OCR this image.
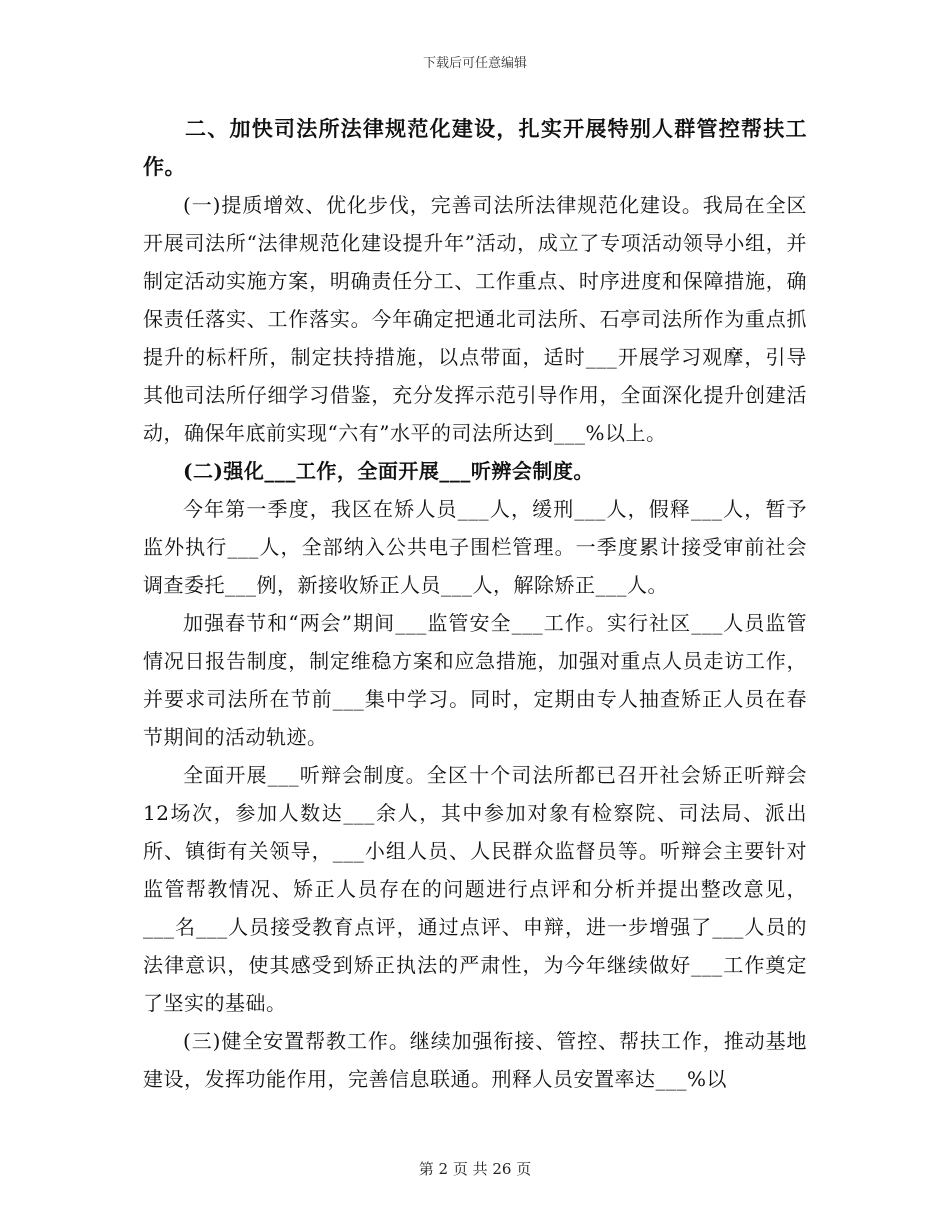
下载后可任意编辑

二、加快司法所法律规范化建设，扎实开展特别人群管控帮扶工作。

(一)提质增效、优化步伐，完善司法所法律规范化建设。我局在全区开展司法所“法律规范化建设提升年”活动，成立了专项活动领导小组，并制定活动实施方案，明确责任分工、工作重点、时序进度和保障措施，确保责任落实、工作落实。今年确定把通北司法所、石亭司法所作为重点抓提升的标杆所，制定扶持措施，以点带面，适时___开展学习观摩，引导其他司法所仔细学习借鉴，充分发挥示范引导作用，全面深化提升创建活动，确保年底前实现“六有”水平的司法所达到___%以上。

(二)强化___工作，全面开展___听辨会制度。

今年第一季度，我区在矫人员___人，缓刑___人，假释___人，暂予监外执行___人，全部纳入公共电子围栏管理。一季度累计接受审前社会调查委托___例，新接收矫正人员___人，解除矫正___人。

加强春节和“两会”期间___监管安全___工作。实行社区___人员监管情况日报告制度，制定维稳方案和应急措施，加强对重点人员走访工作，并要求司法所在节前___集中学习。同时，定期由专人抽查矫正人员在春节期间的活动轨迹。

全面开展___听辩会制度。全区十个司法所都已召开社会矫正听辩会12场次，参加人数达___余人，其中参加对象有检察院、司法局、派出所、镇街有关领导，___小组人员、人民群众监督员等。听辩会主要针对监管帮教情况、矫正人员存在的问题进行点评和分析并提出整改意见，___名___人员接受教育点评，通过点评、申辩，进一步增强了___人员的法律意识，使其感受到矫正执法的严肃性，为今年继续做好___工作奠定了坚实的基础。

(三)健全安置帮教工作。继续加强衔接、管控、帮扶工作，推动基地建设，发挥功能作用，完善信息联通。刑释人员安置率达___%以

第 2 页 共 26 页
